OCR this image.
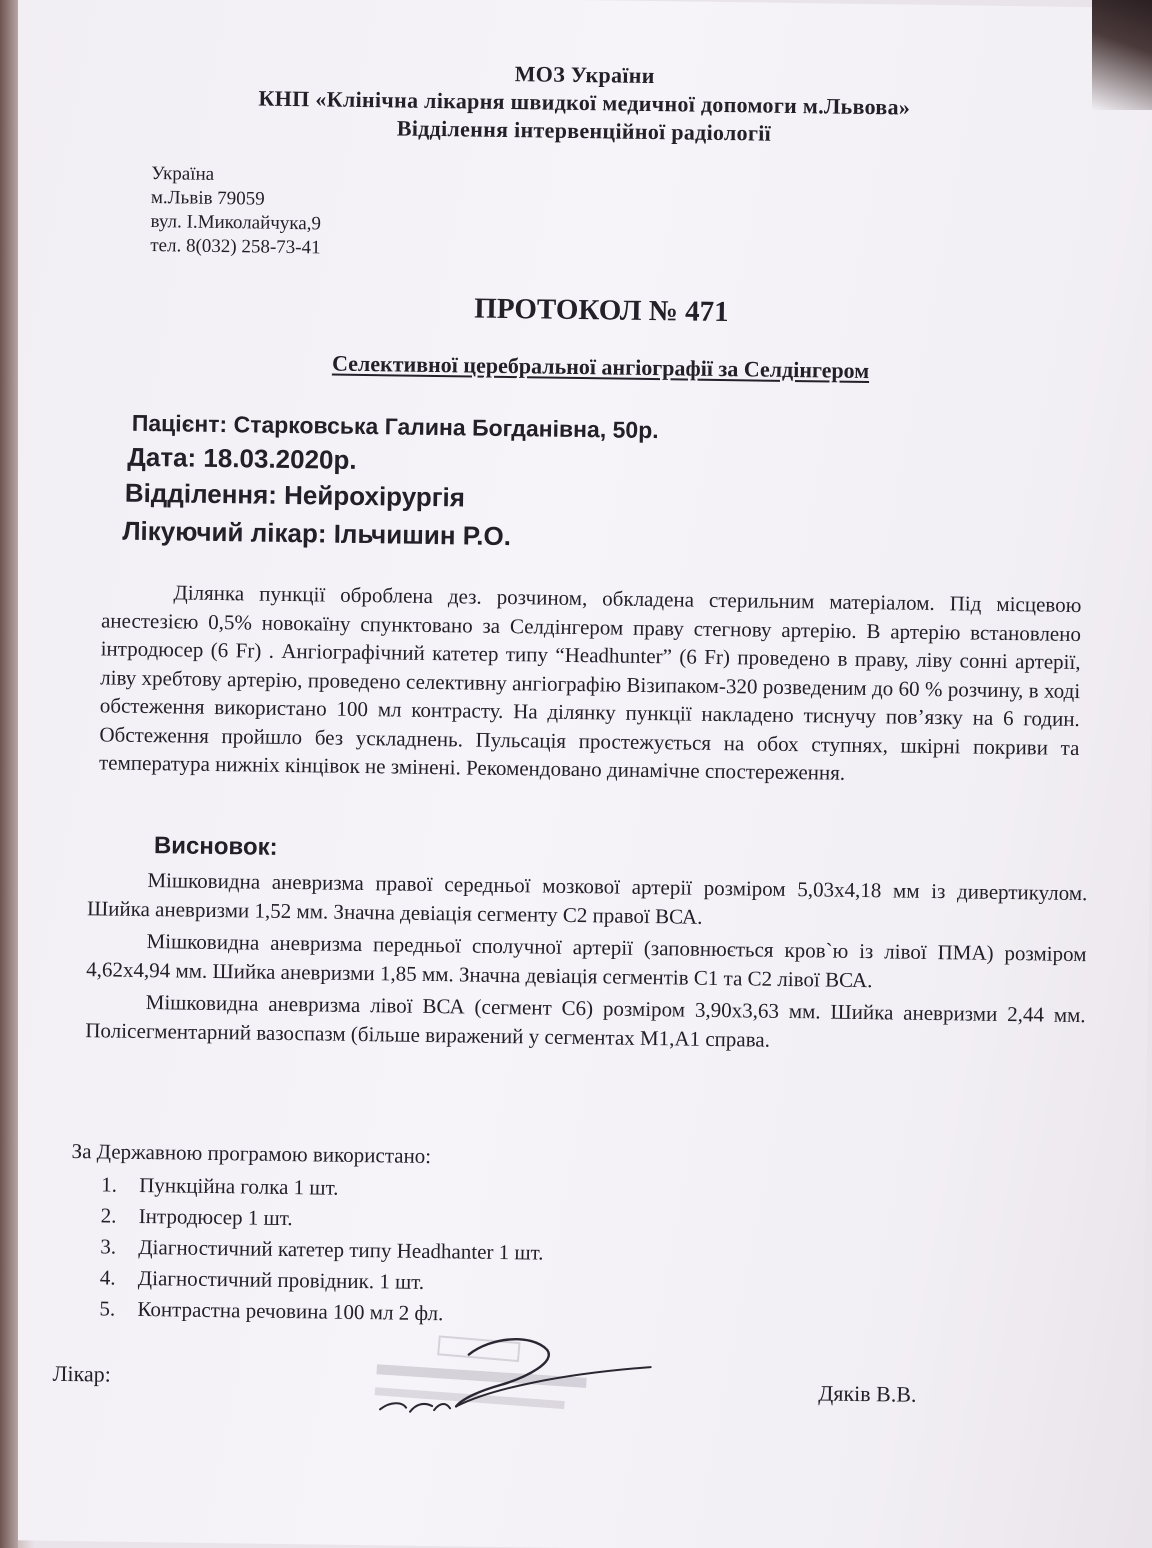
МОЗ України
КНП «Клінічна лікарня швидкої медичної допомоги м.Львова»
Відділення інтервенційної радіології
Україна
м.Львів 79059
вул. І.Миколайчука,9
тел. 8(032) 258-73-41
ПРОТОКОЛ № 471
Селективної церебральної ангіографії за Селдінгером
Пацієнт: Старковська Галина Богданівна, 50р.
Дата: 18.03.2020р.
Відділення: Нейрохірургія
Лікуючий лікар: Ільчишин Р.О.

Ділянка пункції оброблена дез. розчином, обкладена стерильним матеріалом. Під місцевою анестезією 0,5% новокаїну спунктовано за Селдінгером праву стегнову артерію. В артерію встановлено інтродюсер (6 Fr) . Ангіографічний катетер типу “Headhunter” (6 Fr) проведено в праву, ліву сонні артерії, ліву хребтову артерію, проведено селективну ангіографію Візипаком-320 розведеним до 60 % розчину, в ході обстеження використано 100 мл контрасту. На ділянку пункції накладено тиснучу пов’язку на 6 годин. Обстеження пройшло без ускладнень. Пульсація простежується на обох ступнях, шкірні покриви та температура нижніх кінцівок не змінені. Рекомендовано динамічне спостереження.

Висновок:

Мішковидна аневризма правої середньої мозкової артерії розміром 5,03х4,18 мм із дивертикулом. Шийка аневризми 1,52 мм. Значна девіація сегменту С2 правої ВСА.

Мішковидна аневризма передньої сполучної артерії (заповнюється кров`ю із лівої ПМА) розміром 4,62х4,94 мм. Шийка аневризми 1,85 мм. Значна девіація сегментів С1 та С2 лівої ВСА.

Мішковидна аневризма лівої ВСА (сегмент С6) розміром 3,90х3,63 мм. Шийка аневризми 2,44 мм. Полісегментарний вазоспазм (більше виражений у сегментах М1,А1 справа.

За Державною програмою використано:
1. Пункційна голка 1 шт.
2. Інтродюсер 1 шт.
3. Діагностичний катетер типу Headhanter 1 шт.
4. Діагностичний провідник. 1 шт.
5. Контрастна речовина 100 мл 2 фл.
Лікар:
Дяків В.В.
